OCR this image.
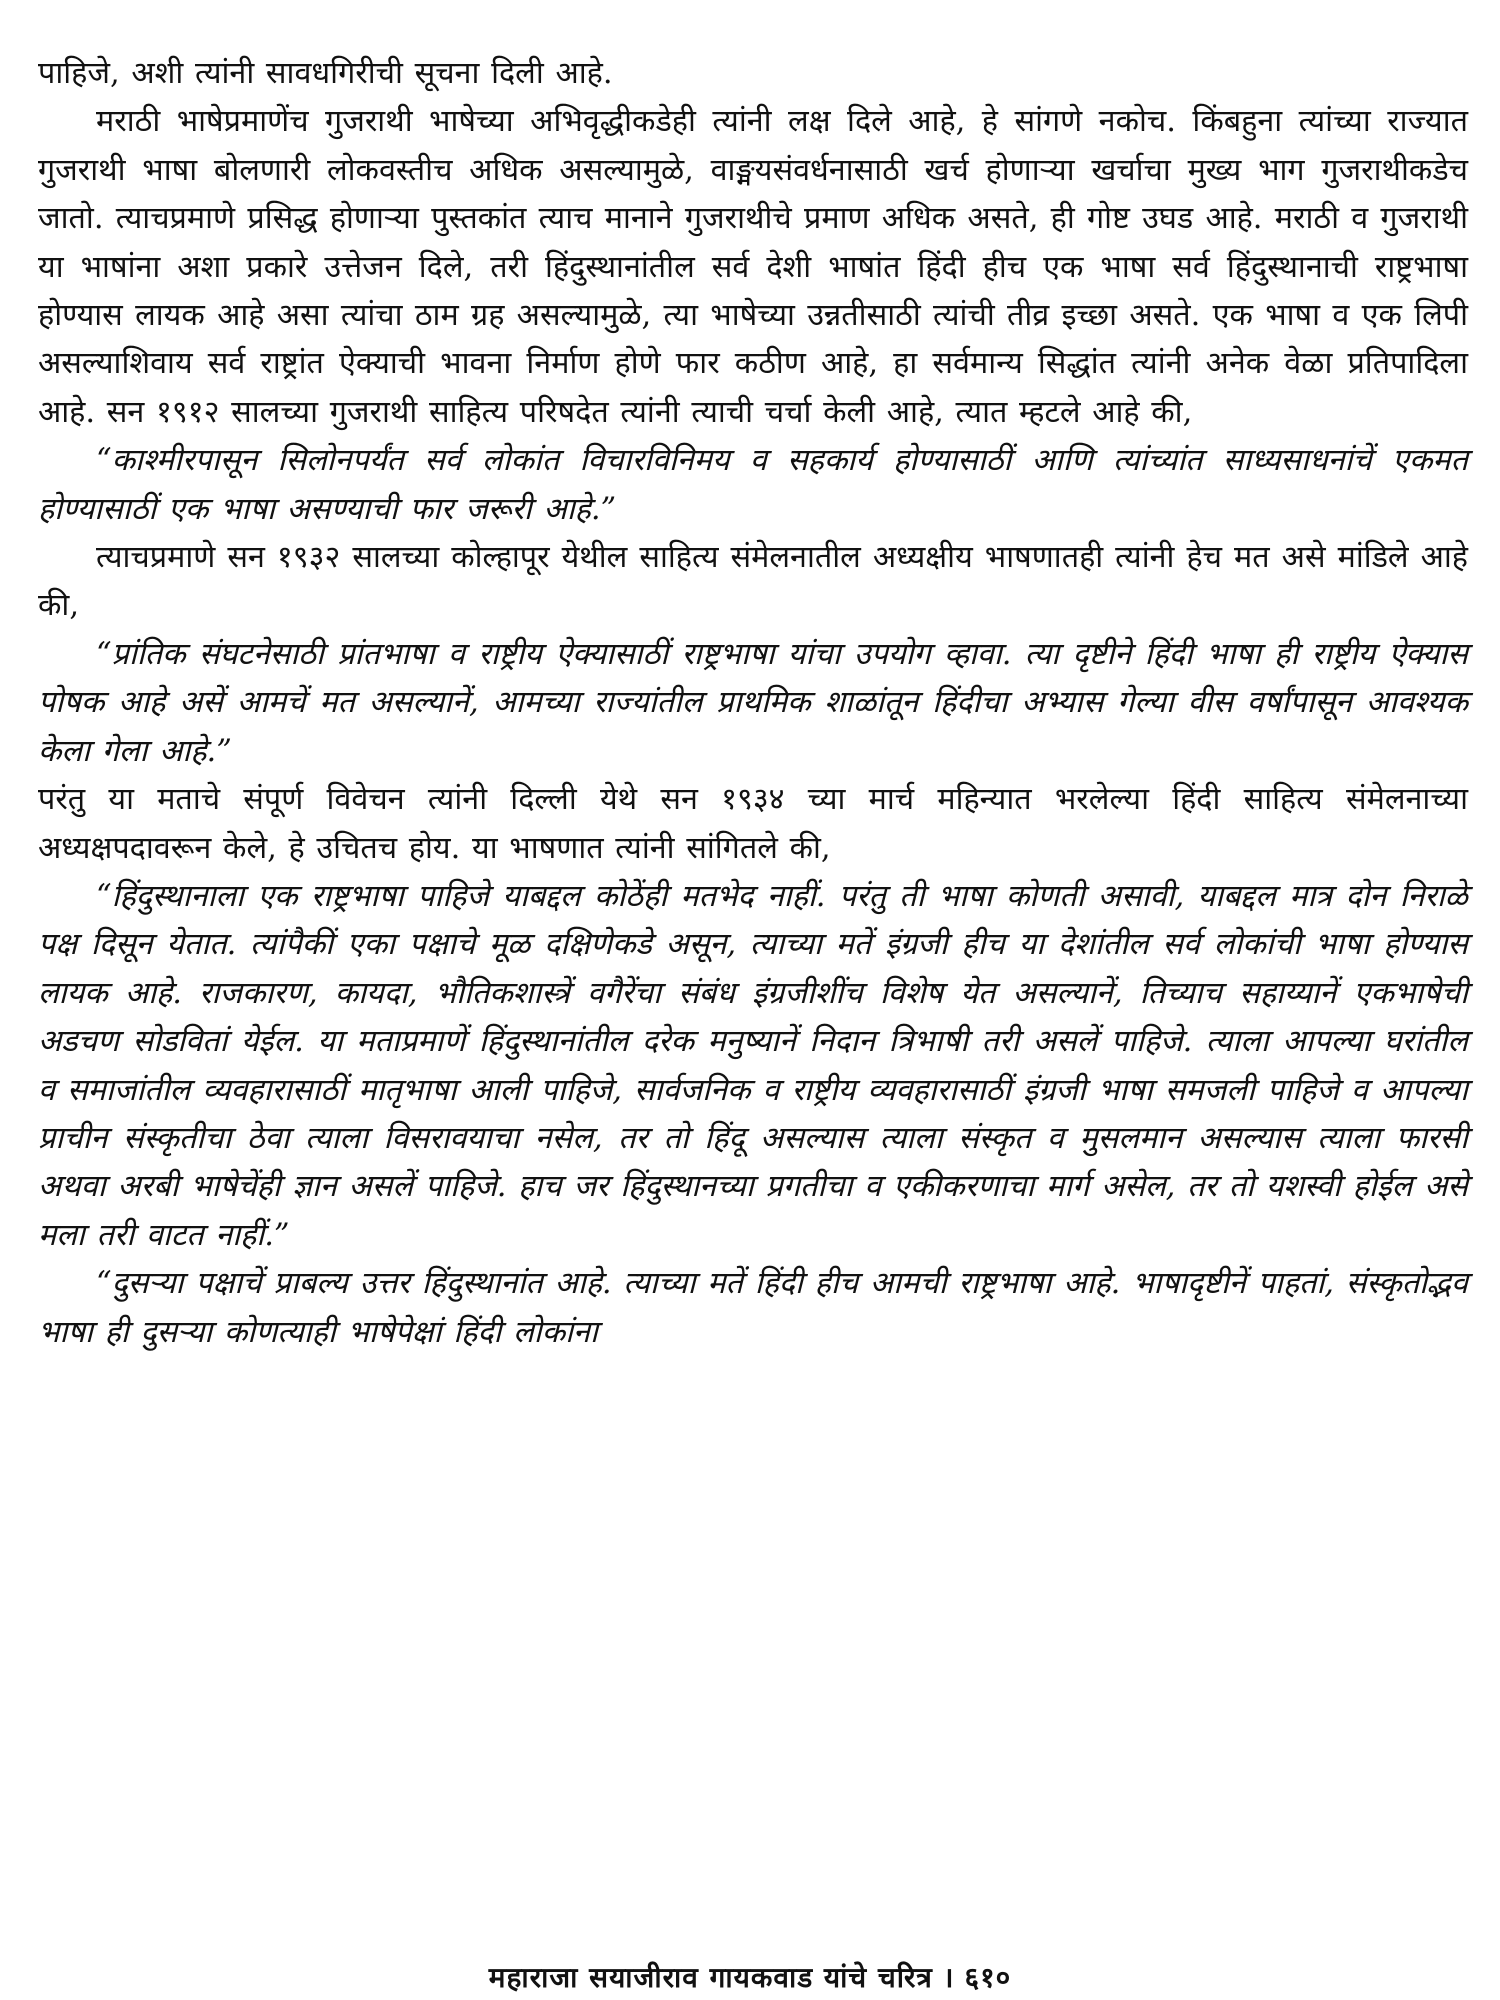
पाहिजे, अशी त्यांनी सावधगिरीची सूचना दिली आहे.

मराठी भाषेप्रमाणेंच गुजराथी भाषेच्या अभिवृद्धीकडेही त्यांनी लक्ष दिले आहे, हे सांगणे नकोच. किंबहुना त्यांच्या राज्यात गुजराथी भाषा बोलणारी लोकवस्तीच अधिक असल्यामुळे, वाङ्मयसंवर्धनासाठी खर्च होणाऱ्या खर्चाचा मुख्य भाग गुजराथीकडेच जातो. त्याचप्रमाणे प्रसिद्ध होणाऱ्या पुस्तकांत त्याच मानाने गुजराथीचे प्रमाण अधिक असते, ही गोष्ट उघड आहे. मराठी व गुजराथी या भाषांना अशा प्रकारे उत्तेजन दिले, तरी हिंदुस्थानांतील सर्व देशी भाषांत हिंदी हीच एक भाषा सर्व हिंदुस्थानाची राष्ट्रभाषा होण्यास लायक आहे असा त्यांचा ठाम ग्रह असल्यामुळे, त्या भाषेच्या उन्नतीसाठी त्यांची तीव्र इच्छा असते. एक भाषा व एक लिपी असल्याशिवाय सर्व राष्ट्रांत ऐक्याची भावना निर्माण होणे फार कठीण आहे, हा सर्वमान्य सिद्धांत त्यांनी अनेक वेळा प्रतिपादिला आहे. सन १९१२ सालच्या गुजराथी साहित्य परिषदेत त्यांनी त्याची चर्चा केली आहे, त्यात म्हटले आहे की,

“काश्मीरपासून सिलोनपर्यंत सर्व लोकांत विचारविनिमय व सहकार्य होण्यासाठीं आणि त्यांच्यांत साध्यसाधनांचें एकमत होण्यासाठीं एक भाषा असण्याची फार जरूरी आहे.”

त्याचप्रमाणे सन १९३२ सालच्या कोल्हापूर येथील साहित्य संमेलनातील अध्यक्षीय भाषणातही त्यांनी हेच मत असे मांडिले आहे की,

“प्रांतिक संघटनेसाठी प्रांतभाषा व राष्ट्रीय ऐक्यासाठीं राष्ट्रभाषा यांचा उपयोग व्हावा. त्या दृष्टीने हिंदी भाषा ही राष्ट्रीय ऐक्यास पोषक आहे असें आमचें मत असल्यानें, आमच्या राज्यांतील प्राथमिक शाळांतून हिंदीचा अभ्यास गेल्या वीस वर्षांपासून आवश्यक केला गेला आहे.”

परंतु या मताचे संपूर्ण विवेचन त्यांनी दिल्ली येथे सन १९३४ च्या मार्च महिन्यात भरलेल्या हिंदी साहित्य संमेलनाच्या अध्यक्षपदावरून केले, हे उचितच होय. या भाषणात त्यांनी सांगितले की,

“हिंदुस्थानाला एक राष्ट्रभाषा पाहिजे याबद्दल कोठेंही मतभेद नाहीं. परंतु ती भाषा कोणती असावी, याबद्दल मात्र दोन निराळे पक्ष दिसून येतात. त्यांपैकीं एका पक्षाचे मूळ दक्षिणेकडे असून, त्याच्या मतें इंग्रजी हीच या देशांतील सर्व लोकांची भाषा होण्यास लायक आहे. राजकारण, कायदा, भौतिकशास्त्रें वगैरेंचा संबंध इंग्रजीशींच विशेष येत असल्यानें, तिच्याच सहाय्यानें एकभाषेची अडचण सोडवितां येईल. या मताप्रमाणें हिंदुस्थानांतील दरेक मनुष्यानें निदान त्रिभाषी तरी असलें पाहिजे. त्याला आपल्या घरांतील व समाजांतील व्यवहारासाठीं मातृभाषा आली पाहिजे, सार्वजनिक व राष्ट्रीय व्यवहारासाठीं इंग्रजी भाषा समजली पाहिजे व आपल्या प्राचीन संस्कृतीचा ठेवा त्याला विसरावयाचा नसेल, तर तो हिंदू असल्यास त्याला संस्कृत व मुसलमान असल्यास त्याला फारसी अथवा अरबी भाषेचेंही ज्ञान असलें पाहिजे. हाच जर हिंदुस्थानच्या प्रगतीचा व एकीकरणाचा मार्ग असेल, तर तो यशस्वी होईल असे मला तरी वाटत नाहीं.”

“दुसऱ्या पक्षाचें प्राबल्य उत्तर हिंदुस्थानांत आहे. त्याच्या मतें हिंदी हीच आमची राष्ट्रभाषा आहे. भाषादृष्टीनें पाहतां, संस्कृतोद्भव भाषा ही दुसऱ्या कोणत्याही भाषेपेक्षां हिंदी लोकांना

महाराजा सयाजीराव गायकवाड यांचे चरित्र । ६१०
